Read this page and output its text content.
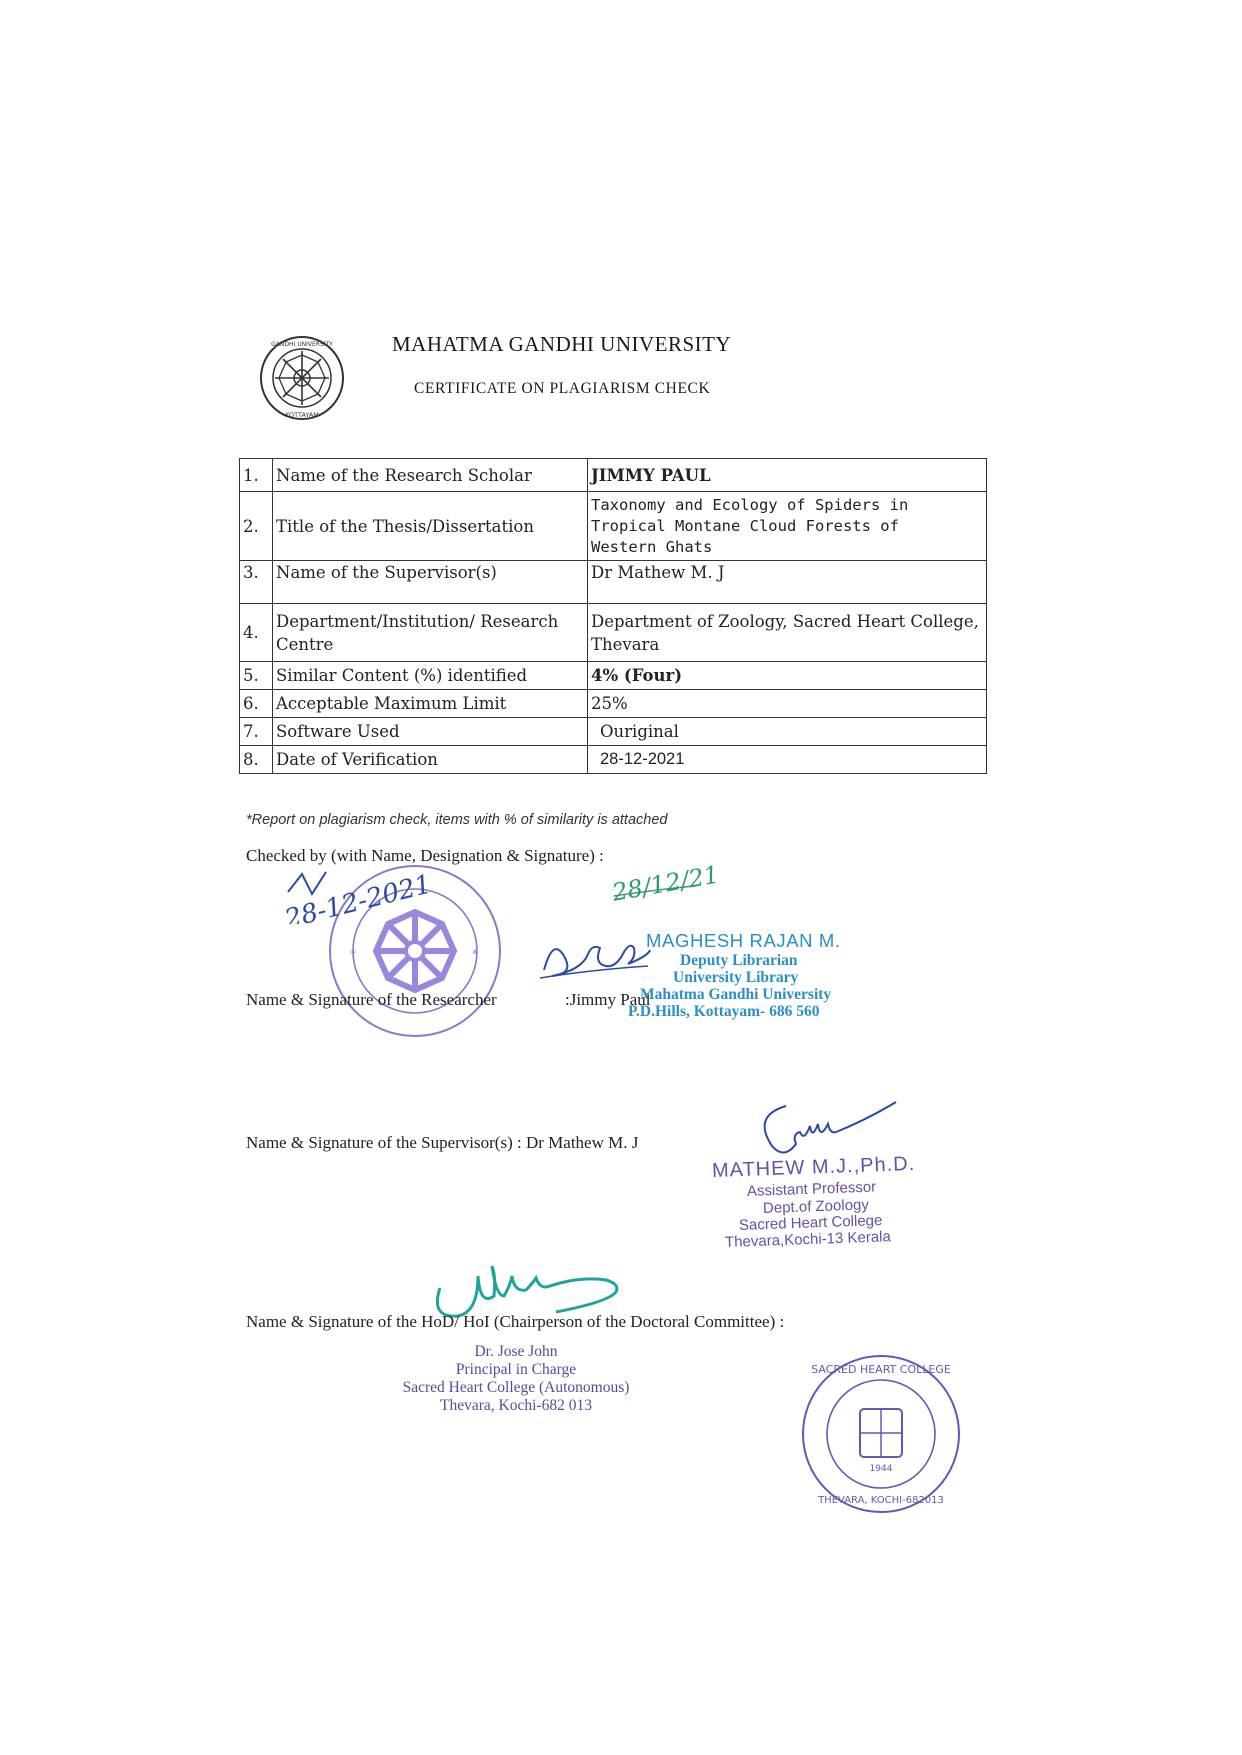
GANDHI UNIVERSITY
KOTTAYAM
MAHATMA GANDHI UNIVERSITY
CERTIFICATE ON PLAGIARISM CHECK
1.	Name of the Research Scholar	JIMMY PAUL
2.	Title of the Thesis/Dissertation	Taxonomy and Ecology of Spiders in Tropical Montane Cloud Forests of Western Ghats
3.	Name of the Supervisor(s)	Dr Mathew M. J
4.	Department/Institution/ Research Centre	Department of Zoology, Sacred Heart College, Thevara
5.	Similar Content (%) identified	4% (Four)
6.	Acceptable Maximum Limit	25%
7.	Software Used	Ouriginal
8.	Date of Verification	28-12-2021
*Report on plagiarism check, items with % of similarity is attached
Checked by (with Name, Designation & Signature) :
28/12/21
*	*
28-12-2021
Name & Signature of the Researcher	:Jimmy Paul
MAGHESH RAJAN M.
Deputy Librarian
University Library
Mahatma Gandhi University
P.D.Hills, Kottayam- 686 560
Name & Signature of the Supervisor(s) : Dr Mathew M. J
MATHEW M.J.,Ph.D.
Assistant Professor
Dept.of Zoology
Sacred Heart College
Thevara,Kochi-13 Kerala
Name & Signature of the HoD/ HoI (Chairperson of the Doctoral Committee) :
Dr. Jose John
Principal in Charge
Sacred Heart College (Autonomous)
Thevara, Kochi-682 013
1944
SACRED HEART COLLEGE
THEVARA, KOCHI-682013
